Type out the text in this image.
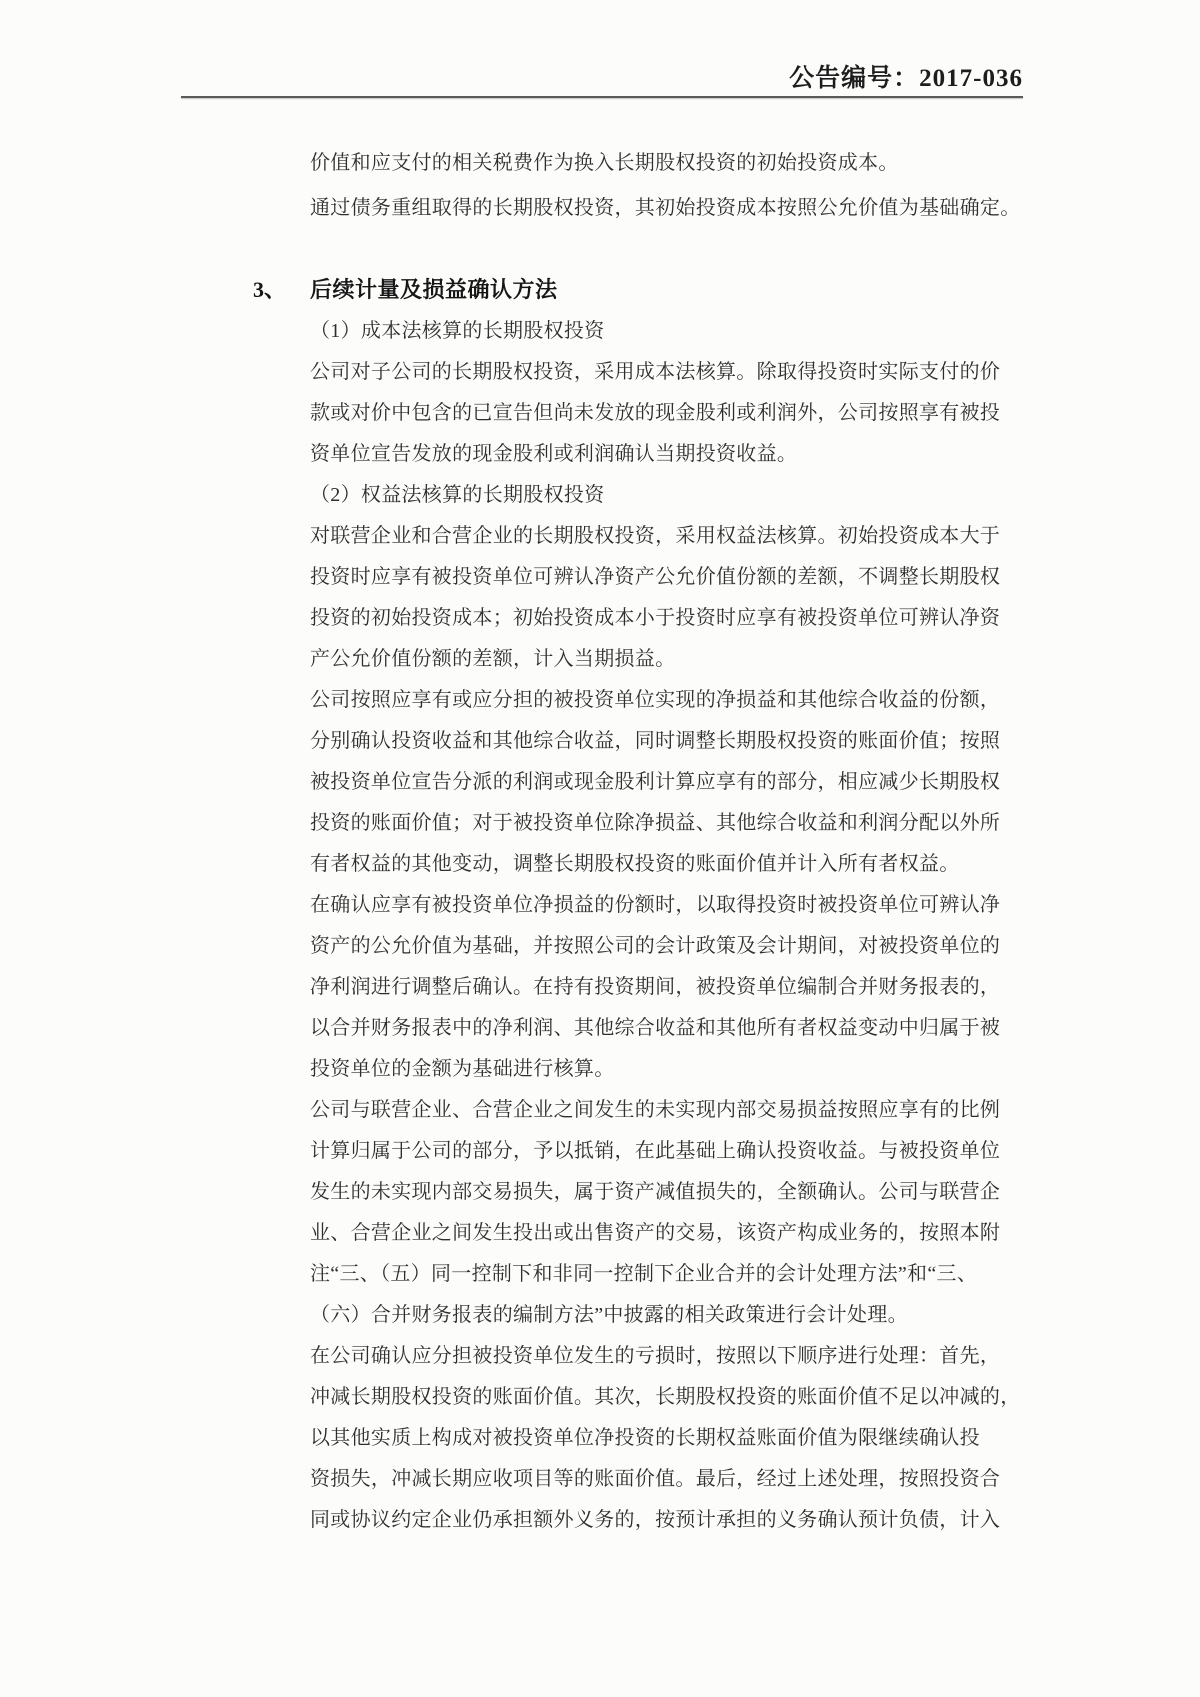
公告编号：2017-036
价值和应支付的相关税费作为换入长期股权投资的初始投资成本。
通过债务重组取得的长期股权投资，其初始投资成本按照公允价值为基础确定。
3、 后续计量及损益确认方法
（1）成本法核算的长期股权投资
公司对子公司的长期股权投资，采用成本法核算。除取得投资时实际支付的价
款或对价中包含的已宣告但尚未发放的现金股利或利润外，公司按照享有被投
资单位宣告发放的现金股利或利润确认当期投资收益。
（2）权益法核算的长期股权投资
对联营企业和合营企业的长期股权投资，采用权益法核算。初始投资成本大于
投资时应享有被投资单位可辨认净资产公允价值份额的差额，不调整长期股权
投资的初始投资成本；初始投资成本小于投资时应享有被投资单位可辨认净资
产公允价值份额的差额，计入当期损益。
公司按照应享有或应分担的被投资单位实现的净损益和其他综合收益的份额，
分别确认投资收益和其他综合收益，同时调整长期股权投资的账面价值；按照
被投资单位宣告分派的利润或现金股利计算应享有的部分，相应减少长期股权
投资的账面价值；对于被投资单位除净损益、其他综合收益和利润分配以外所
有者权益的其他变动，调整长期股权投资的账面价值并计入所有者权益。
在确认应享有被投资单位净损益的份额时，以取得投资时被投资单位可辨认净
资产的公允价值为基础，并按照公司的会计政策及会计期间，对被投资单位的
净利润进行调整后确认。在持有投资期间，被投资单位编制合并财务报表的，
以合并财务报表中的净利润、其他综合收益和其他所有者权益变动中归属于被
投资单位的金额为基础进行核算。
公司与联营企业、合营企业之间发生的未实现内部交易损益按照应享有的比例
计算归属于公司的部分，予以抵销，在此基础上确认投资收益。与被投资单位
发生的未实现内部交易损失，属于资产减值损失的，全额确认。公司与联营企
业、合营企业之间发生投出或出售资产的交易，该资产构成业务的，按照本附
注“三、（五）同一控制下和非同一控制下企业合并的会计处理方法”和“三、
（六）合并财务报表的编制方法”中披露的相关政策进行会计处理。
在公司确认应分担被投资单位发生的亏损时，按照以下顺序进行处理：首先，
冲减长期股权投资的账面价值。其次，长期股权投资的账面价值不足以冲减的，
以其他实质上构成对被投资单位净投资的长期权益账面价值为限继续确认投
资损失，冲减长期应收项目等的账面价值。最后，经过上述处理，按照投资合
同或协议约定企业仍承担额外义务的，按预计承担的义务确认预计负债，计入
